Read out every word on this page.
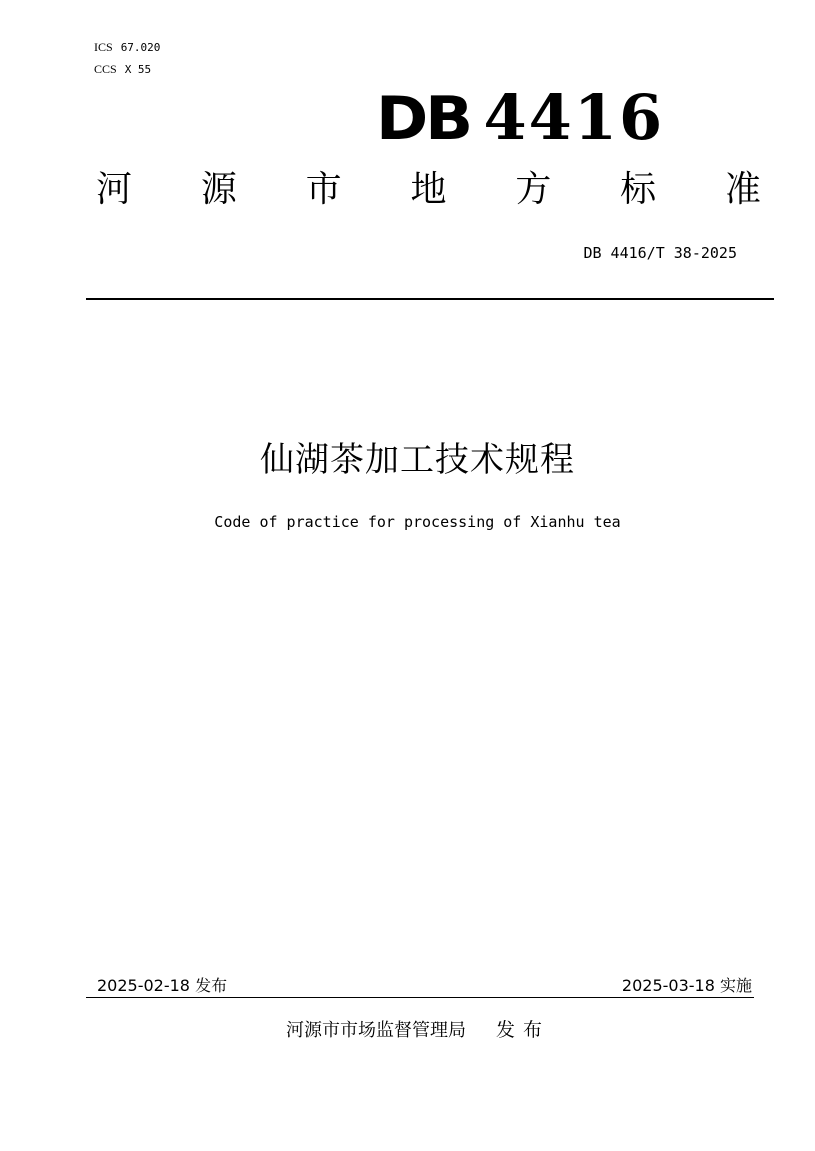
ICS 67.020
CCS X 55
DB 4416
河 源 市 地 方 标 准
DB 4416/T 38-2025
仙湖茶加工技术规程
Code of practice for processing of Xianhu tea
2025-02-18 发布	2025-03-18 实施
河源市市场监督管理局 发布
